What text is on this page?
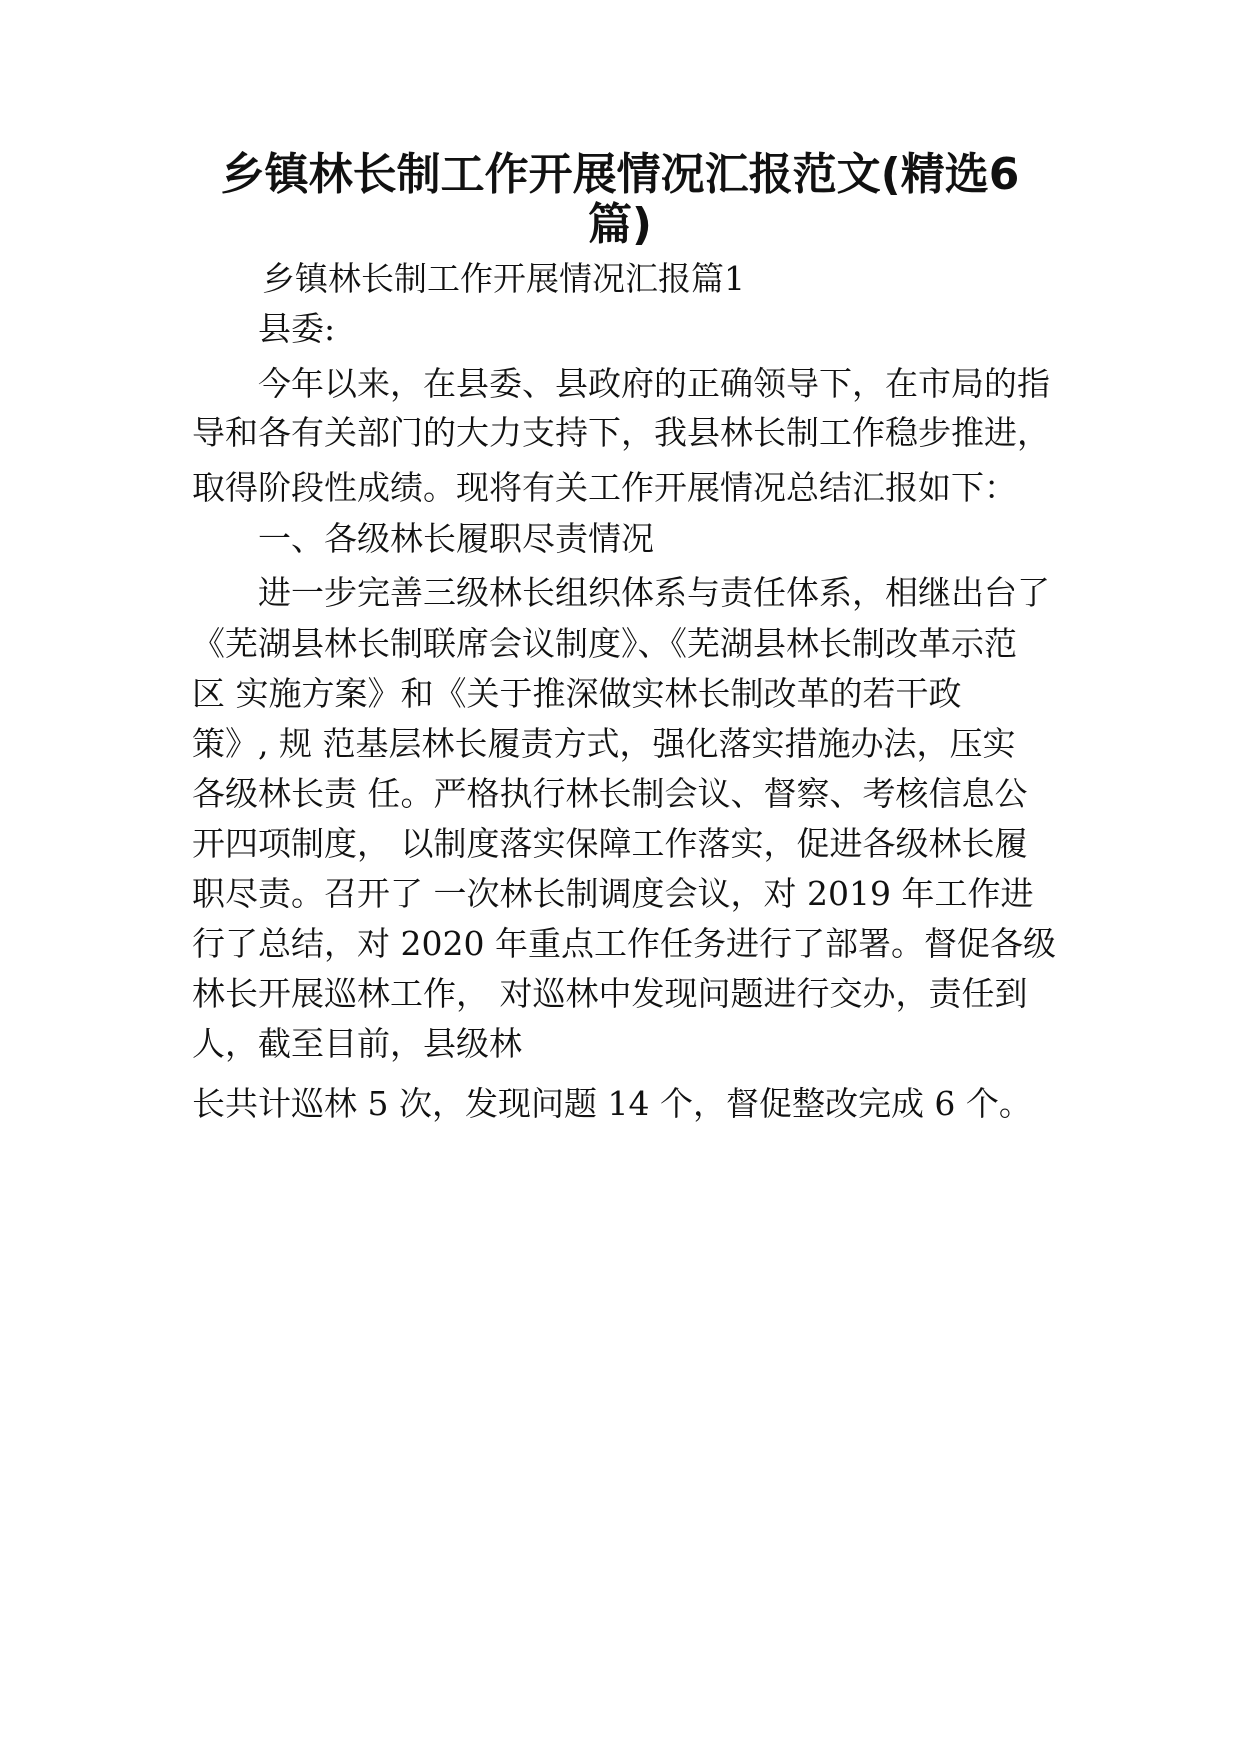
乡镇林长制工作开展情况汇报范文(精选6
篇)

乡镇林长制工作开展情况汇报篇1

县委:

今年以来，在县委、县政府的正确领导下，在市局的指

导和各有关部门的大力支持下，我县林长制工作稳步推进，

取得阶段性成绩。现将有关工作开展情况总结汇报如下：

一、各级林长履职尽责情况

进一步完善三级林长组织体系与责任体系，相继出台了

《芜湖县林长制联席会议制度》、《芜湖县林长制改革示范

区 实施方案》和《关于推深做实林长制改革的若干政

策》, 规 范基层林长履责方式，强化落实措施办法，压实

各级林长责 任。严格执行林长制会议、督察、考核信息公

开四项制度， 以制度落实保障工作落实，促进各级林长履

职尽责。召开了 一次林长制调度会议，对 2019 年工作进

行了总结，对 2020 年重点工作任务进行了部署。督促各级

林长开展巡林工作， 对巡林中发现问题进行交办，责任到

人，截至目前，县级林

长共计巡林 5 次，发现问题 14 个，督促整改完成 6 个。
